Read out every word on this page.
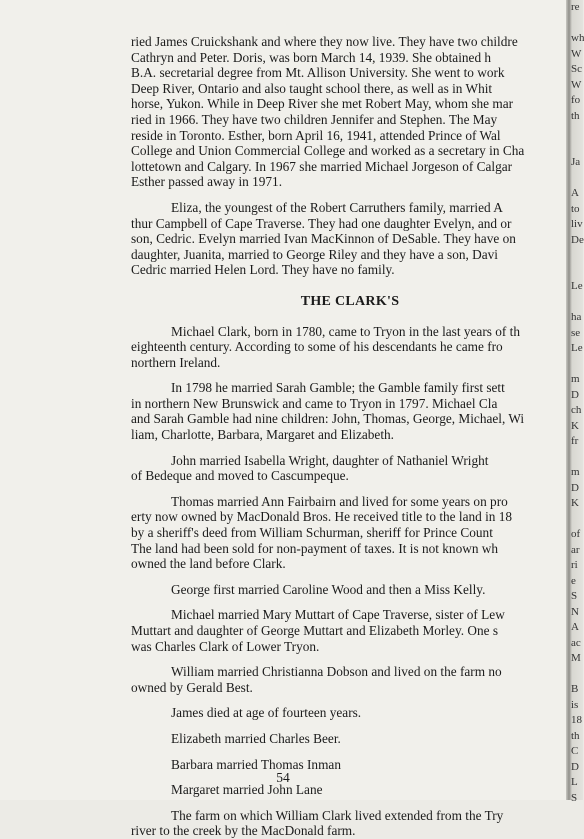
ried James Cruickshank and where they now live. They have two childre
Cathryn and Peter. Doris, was born March 14, 1939. She obtained h
B.A. secretarial degree from Mt. Allison University. She went to work
Deep River, Ontario and also taught school there, as well as in Whit
horse, Yukon. While in Deep River she met Robert May, whom she mar
ried in 1966. They have two children Jennifer and Stephen. The May
reside in Toronto. Esther, born April 16, 1941, attended Prince of Wal
College and Union Commercial College and worked as a secretary in Cha
lottetown and Calgary. In 1967 she married Michael Jorgeson of Calgar
Esther passed away in 1971.

Eliza, the youngest of the Robert Carruthers family, married A
thur Campbell of Cape Traverse. They had one daughter Evelyn, and or
son, Cedric. Evelyn married Ivan MacKinnon of DeSable. They have on
daughter, Juanita, married to George Riley and they have a son, Davi
Cedric married Helen Lord. They have no family.

THE CLARK'S

Michael Clark, born in 1780, came to Tryon in the last years of th
eighteenth century. According to some of his descendants he came fro
northern Ireland.

In 1798 he married Sarah Gamble; the Gamble family first sett
in northern New Brunswick and came to Tryon in 1797. Michael Cla
and Sarah Gamble had nine children: John, Thomas, George, Michael, Wi
liam, Charlotte, Barbara, Margaret and Elizabeth.

John married Isabella Wright, daughter of Nathaniel Wright
of Bedeque and moved to Cascumpeque.

Thomas married Ann Fairbairn and lived for some years on pro
erty now owned by MacDonald Bros. He received title to the land in 18
by a sheriff's deed from William Schurman, sheriff for Prince Count
The land had been sold for non-payment of taxes. It is not known wh
owned the land before Clark.

George first married Caroline Wood and then a Miss Kelly.

Michael married Mary Muttart of Cape Traverse, sister of Lew
Muttart and daughter of George Muttart and Elizabeth Morley. One s
was Charles Clark of Lower Tryon.

William married Christianna Dobson and lived on the farm no
owned by Gerald Best.

James died at age of fourteen years.

Elizabeth married Charles Beer.

Barbara married Thomas Inman

Margaret married John Lane

The farm on which William Clark lived extended from the Try
river to the creek by the MacDonald farm.

54
re

wh
W
Sc
W
fo
th

Ja

A
to
liv
De

Le

ha
se
Le

m
D
ch
K
fr

m
D
K

of
ar
ri
e
S
N
A
ac
M

B
is
18
th
C
D
L
S
